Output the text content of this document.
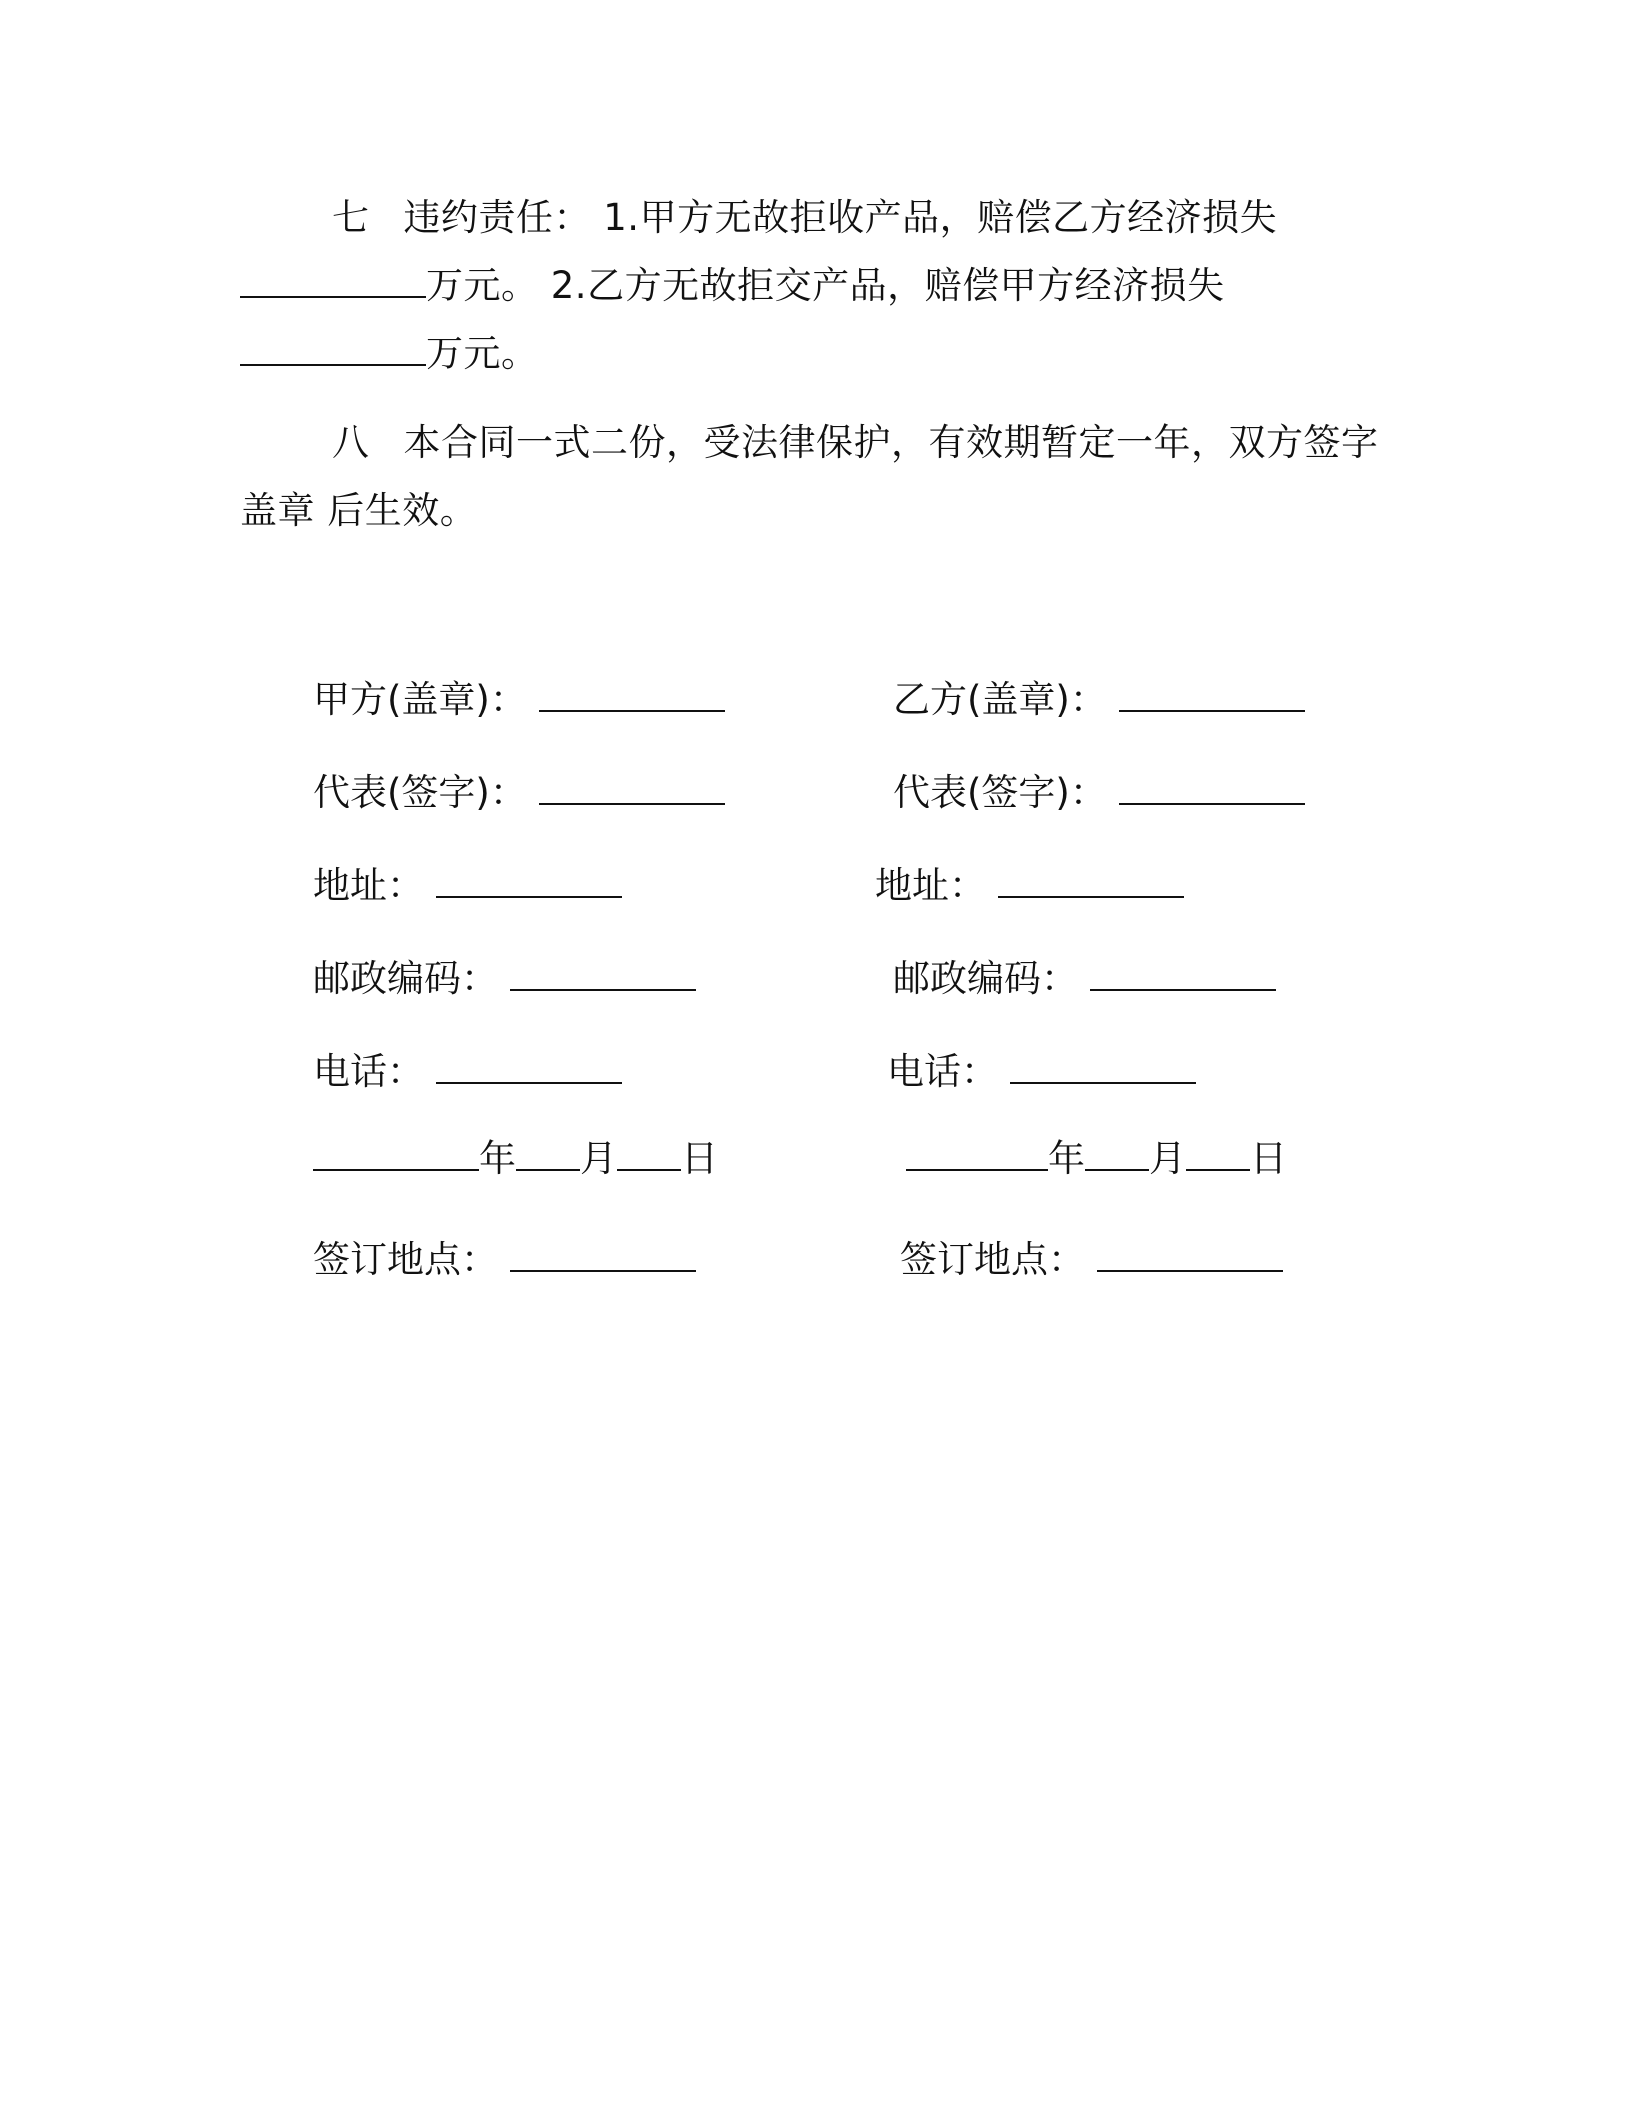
七 违约责任： 1.甲方无故拒收产品，赔偿乙方经济损失
万元。 2.乙方无故拒交产品，赔偿甲方经济损失
万元。
八 本合同一式二份，受法律保护，有效期暂定一年，双方签字盖章 后生效。
甲方(盖章)：
代表(签字)：
地址：
邮政编码：
电话：
年 月 日
签订地点：
乙方(盖章)：
代表(签字)：
地址：
邮政编码：
电话：
年 月 日
签订地点：
